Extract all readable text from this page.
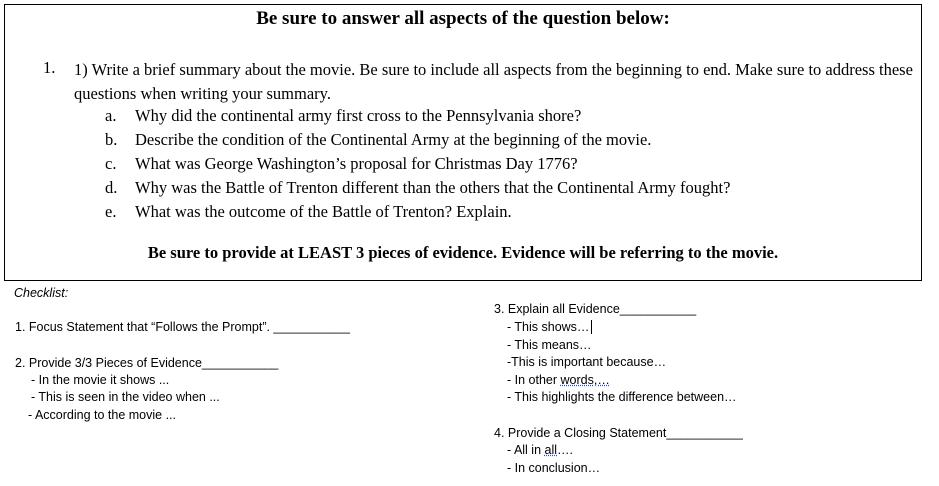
Be sure to answer all aspects of the question below:
1. 1) Write a brief summary about the movie. Be sure to include all aspects from the beginning to end. Make sure to address these questions when writing your summary.
a. Why did the continental army first cross to the Pennsylvania shore?
b. Describe the condition of the Continental Army at the beginning of the movie.
c. What was George Washington’s proposal for Christmas Day 1776?
d. Why was the Battle of Trenton different than the others that the Continental Army fought?
e. What was the outcome of the Battle of Trenton? Explain.
Be sure to provide at LEAST 3 pieces of evidence. Evidence will be referring to the movie.
Checklist:
1. Focus Statement that “Follows the Prompt”. ___________
2. Provide 3/3 Pieces of Evidence___________
- In the movie it shows ...
- This is seen in the video when ...
- According to the movie ...
3. Explain all Evidence___________
- This shows…
- This means…
-This is important because…
- In other words,…
- This highlights the difference between…
4. Provide a Closing Statement___________
- All in all….
- In conclusion…
